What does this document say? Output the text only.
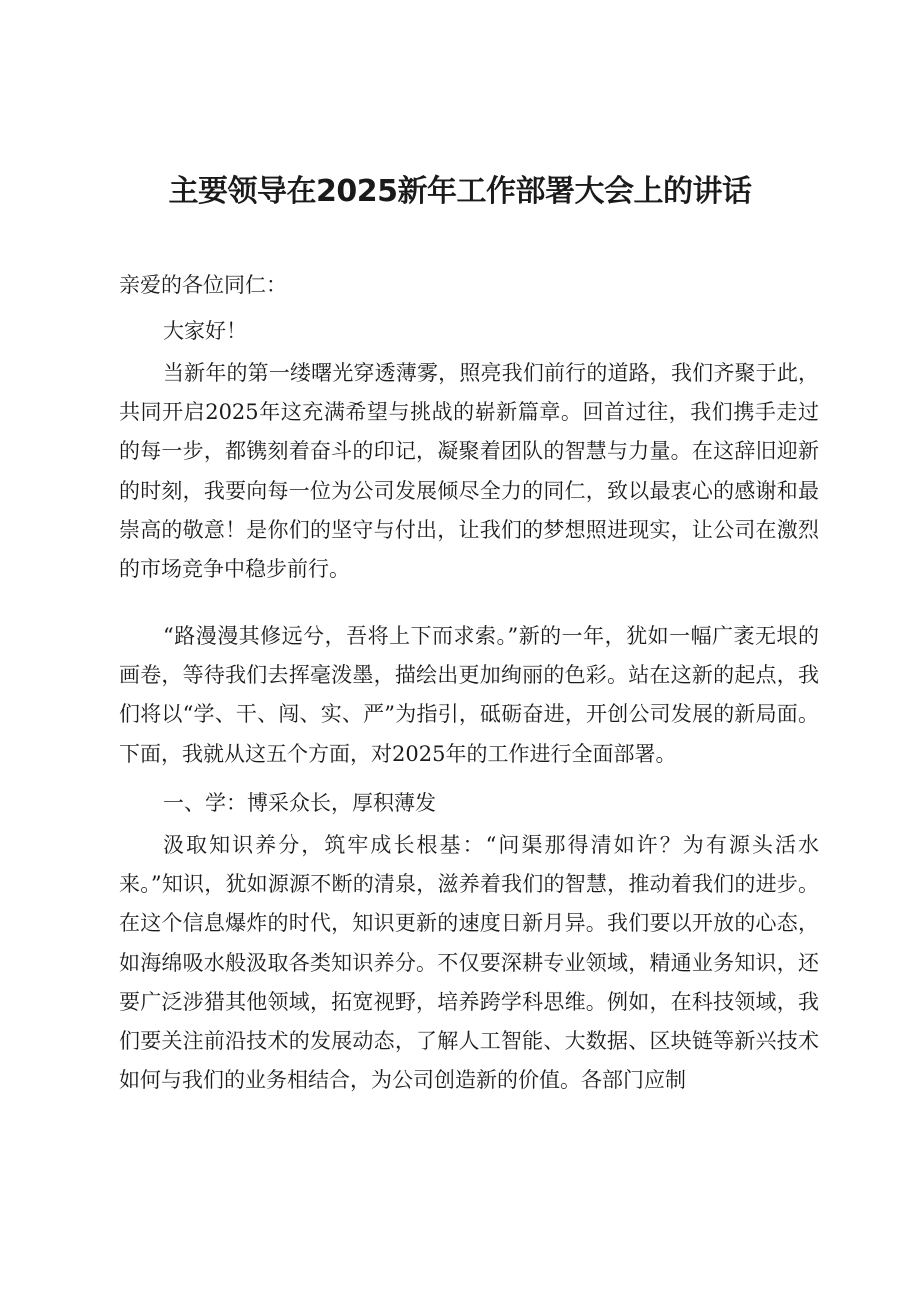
主要领导在2025新年工作部署大会上的讲话
亲爱的各位同仁：
大家好！
当新年的第一缕曙光穿透薄雾，照亮我们前行的道路，我们齐聚于此，共同开启2025年这充满希望与挑战的崭新篇章。回首过往，我们携手走过的每一步，都镌刻着奋斗的印记，凝聚着团队的智慧与力量。在这辞旧迎新的时刻，我要向每一位为公司发展倾尽全力的同仁，致以最衷心的感谢和最崇高的敬意！是你们的坚守与付出，让我们的梦想照进现实，让公司在激烈的市场竞争中稳步前行。
“路漫漫其修远兮，吾将上下而求索。”新的一年，犹如一幅广袤无垠的画卷，等待我们去挥毫泼墨，描绘出更加绚丽的色彩。站在这新的起点，我们将以“学、干、闯、实、严”为指引，砥砺奋进，开创公司发展的新局面。下面，我就从这五个方面，对2025年的工作进行全面部署。
一、学：博采众长，厚积薄发
汲取知识养分，筑牢成长根基：“问渠那得清如许？为有源头活水来。”知识，犹如源源不断的清泉，滋养着我们的智慧，推动着我们的进步。在这个信息爆炸的时代，知识更新的速度日新月异。我们要以开放的心态，如海绵吸水般汲取各类知识养分。不仅要深耕专业领域，精通业务知识，还要广泛涉猎其他领域，拓宽视野，培养跨学科思维。例如，在科技领域，我们要关注前沿技术的发展动态，了解人工智能、大数据、区块链等新兴技术如何与我们的业务相结合，为公司创造新的价值。各部门应制
